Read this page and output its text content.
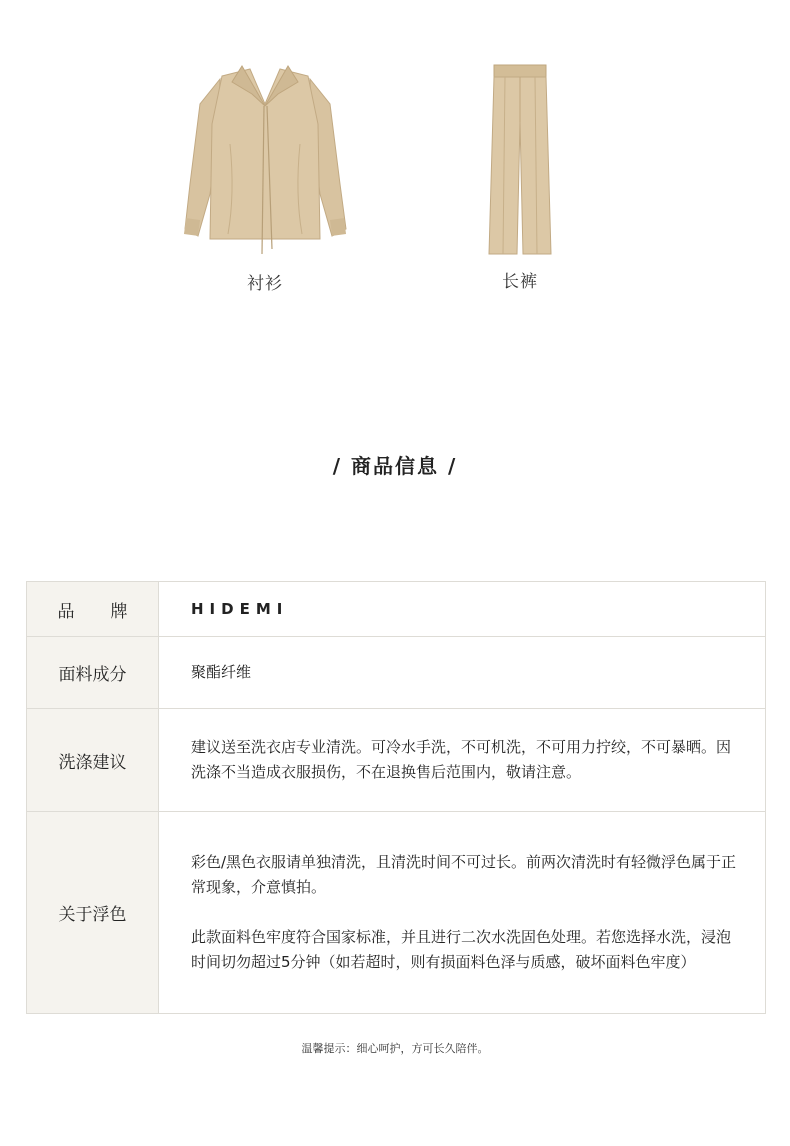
衬衫	长裤
/ 商品信息 /
品牌	HIDEMI
面料成分	聚酯纤维
洗涤建议	建议送至洗衣店专业清洗。可冷水手洗，不可机洗，不可用力拧绞，不可暴晒。因洗涤不当造成衣服损伤，不在退换售后范围内，敬请注意。
关于浮色	彩色/黑色衣服请单独清洗，且清洗时间不可过长。前两次清洗时有轻微浮色属于正常现象，介意慎拍。
此款面料色牢度符合国家标准，并且进行二次水洗固色处理。若您选择水洗，浸泡时间切勿超过5分钟（如若超时，则有损面料色泽与质感，破坏面料色牢度）
温馨提示：细心呵护，方可长久陪伴。
